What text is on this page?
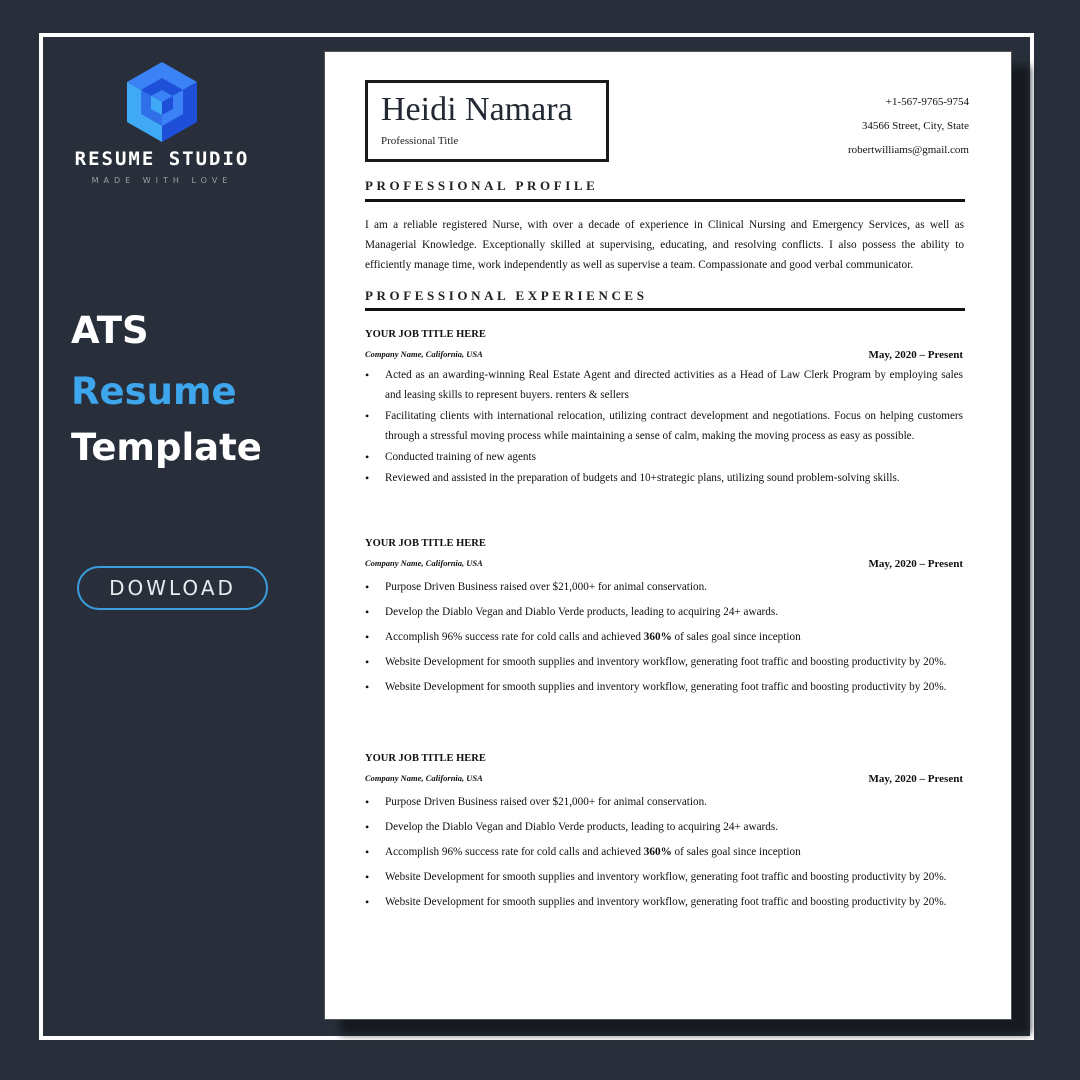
RESUME STUDIO
MADE WITH LOVE
ATS
Resume
Template
DOWLOAD
Heidi Namara
Professional Title
+1-567-9765-9754
34566 Street, City, State
robertwilliams@gmail.com
PROFESSIONAL PROFILE
I am a reliable registered Nurse, with over a decade of experience in Clinical Nursing and Emergency Services, as well as Managerial Knowledge. Exceptionally skilled at supervising, educating, and resolving conflicts. I also possess the ability to efficiently manage time, work independently as well as supervise a team. Compassionate and good verbal communicator.
PROFESSIONAL EXPERIENCES
YOUR JOB TITLE HERE
Company Name, California, USA	May, 2020 – Present
• Acted as an awarding-winning Real Estate Agent and directed activities as a Head of Law Clerk Program by employing sales and leasing skills to represent buyers. renters & sellers
• Facilitating clients with international relocation, utilizing contract development and negotiations. Focus on helping customers through a stressful moving process while maintaining a sense of calm, making the moving process as easy as possible.
• Conducted training of new agents
• Reviewed and assisted in the preparation of budgets and 10+strategic plans, utilizing sound problem-solving skills.
YOUR JOB TITLE HERE
Company Name, California, USA	May, 2020 – Present
• Purpose Driven Business raised over $21,000+ for animal conservation.
• Develop the Diablo Vegan and Diablo Verde products, leading to acquiring 24+ awards.
• Accomplish 96% success rate for cold calls and achieved 360% of sales goal since inception
• Website Development for smooth supplies and inventory workflow, generating foot traffic and boosting productivity by 20%.
• Website Development for smooth supplies and inventory workflow, generating foot traffic and boosting productivity by 20%.
YOUR JOB TITLE HERE
Company Name, California, USA	May, 2020 – Present
• Purpose Driven Business raised over $21,000+ for animal conservation.
• Develop the Diablo Vegan and Diablo Verde products, leading to acquiring 24+ awards.
• Accomplish 96% success rate for cold calls and achieved 360% of sales goal since inception
• Website Development for smooth supplies and inventory workflow, generating foot traffic and boosting productivity by 20%.
• Website Development for smooth supplies and inventory workflow, generating foot traffic and boosting productivity by 20%.
